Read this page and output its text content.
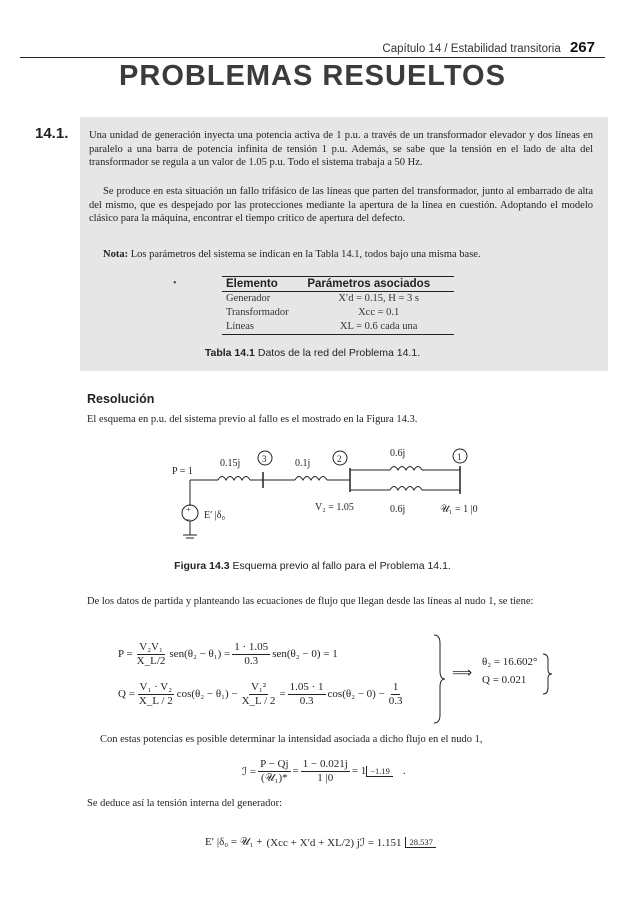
Capítulo 14 / Estabilidad transitoria 267
PROBLEMAS RESUELTOS
14.1. Una unidad de generación inyecta una potencia activa de 1 p.u. a través de un transformador elevador y dos líneas en paralelo a una barra de potencia infinita de tensión 1 p.u. Además, se sabe que la tensión en el lado de alta del transformador se regula a un valor de 1.05 p.u. Todo el sistema trabaja a 50 Hz.

Se produce en esta situación un fallo trifásico de las líneas que parten del transformador, junto al embarrado de alta del mismo, que es despejado por las protecciones mediante la apertura de la línea en cuestión. Adoptando el modelo clásico para la máquina, encontrar el tiempo crítico de apertura del defecto.

Nota: Los parámetros del sistema se indican en la Tabla 14.1, todos bajo una misma base.

•	Elemento	Parámetros asociados
Generador	X′d = 0.15, H = 3 s
Transformador	Xcc = 0.1
Líneas	XL = 0.6 cada una
Tabla 14.1 Datos de la red del Problema 14.1.
Resolución

El esquema en p.u. del sistema previo al fallo es el mostrado en la Figura 14.3.

P = 1
0.15j	0.1j
0.6j
0.6j
3	2	1
V₂ = 1.05	𝒰₁ = 1 |0
E′ |δ₀
+
−
Figura 14.3 Esquema previo al fallo para el Problema 14.1.

De los datos de partida y planteando las ecuaciones de flujo que llegan desde las líneas al nudo 1, se tiene:

$P = \frac{\text{V₂V₁}}{X\_L/2} sen(\theta_2 - \theta_1) = \frac{1 \cdot 1.05}{0.3} sen(\theta_2 - 0) = 1$
$Q = \frac{\text{V₁ · V₂}}{X\_L / 2} \cos(\theta_2 - \theta_1) - \frac{\text{V₁²}}{X\_L / 2} = \frac{1.05 \cdot 1}{0.3} \cos(\theta_2 - 0) - \frac{1}{0.3}$
⟹
θ₂ = 16.602°
Q = 0.021

Con estas potencias es posible determinar la intensidad asociada a dicho flujo en el nudo 1,

ℐ = $\frac{P - Qj}{\text{(𝒰₁)*}} = \frac{1 - 0.021j}{1 |0} = 1 -1.19$ .

Se deduce así la tensión interna del generador:

E′ |δ₀ = 𝒰₁ + (Xcc + X′d + XL/2) jℐ = 1.151 28.537
